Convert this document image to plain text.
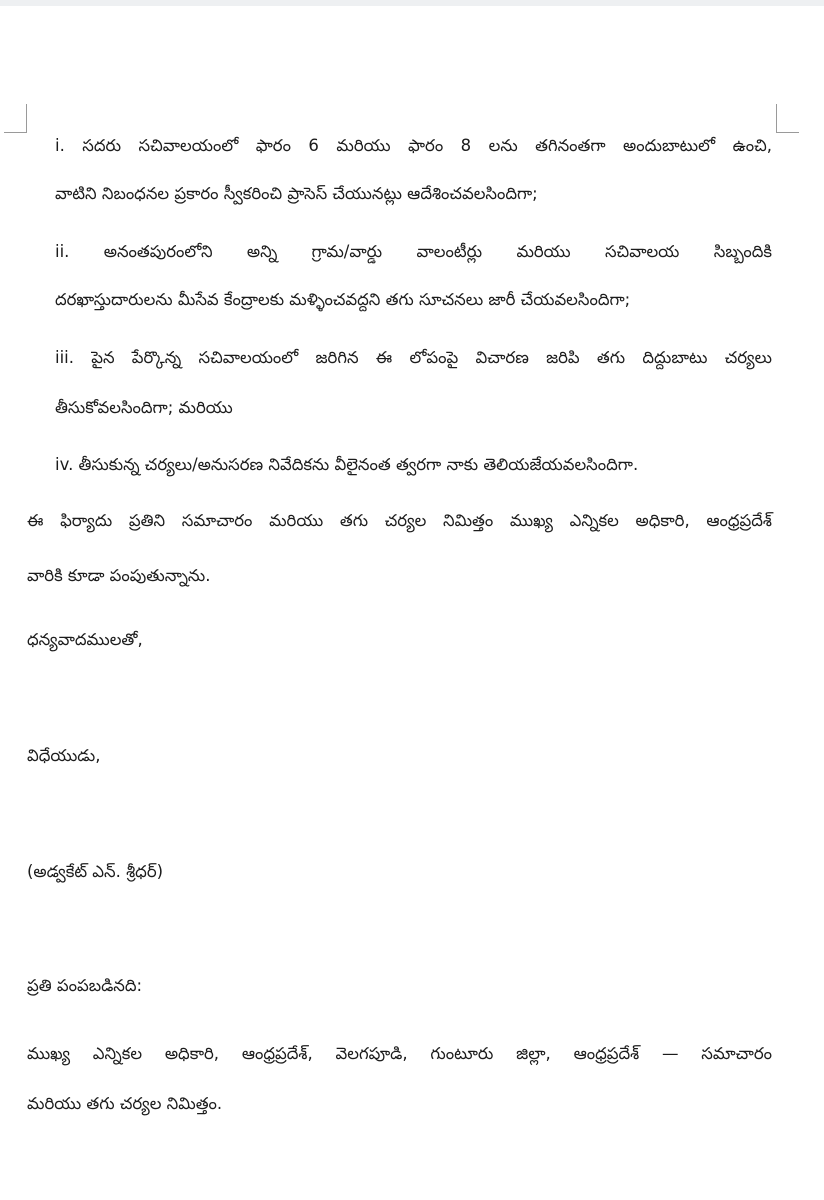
i. సదరు సచివాలయంలో ఫారం 6 మరియు ఫారం 8 లను తగినంతగా అందుబాటులో ఉంచి,

వాటిని నిబంధనల ప్రకారం స్వీకరించి ప్రాసెస్ చేయునట్లు ఆదేశించవలసిందిగా;

ii. అనంతపురంలోని అన్ని గ్రామ/వార్డు వాలంటీర్లు మరియు సచివాలయ సిబ్బందికి

దరఖాస్తుదారులను మీసేవ కేంద్రాలకు మళ్ళించవద్దని తగు సూచనలు జారీ చేయవలసిందిగా;

iii. పైన పేర్కొన్న సచివాలయంలో జరిగిన ఈ లోపంపై విచారణ జరిపి తగు దిద్దుబాటు చర్యలు

తీసుకోవలసిందిగా; మరియు

iv. తీసుకున్న చర్యలు/అనుసరణ నివేదికను వీలైనంత త్వరగా నాకు తెలియజేయవలసిందిగా.

ఈ ఫిర్యాదు ప్రతిని సమాచారం మరియు తగు చర్యల నిమిత్తం ముఖ్య ఎన్నికల అధికారి, ఆంధ్రప్రదేశ్

వారికి కూడా పంపుతున్నాను.

ధన్యవాదములతో,

విధేయుడు,

(అడ్వకేట్ ఎన్. శ్రీధర్)

ప్రతి పంపబడినది:

ముఖ్య ఎన్నికల అధికారి, ఆంధ్రప్రదేశ్, వెలగపూడి, గుంటూరు జిల్లా, ఆంధ్రప్రదేశ్ — సమాచారం

మరియు తగు చర్యల నిమిత్తం.
